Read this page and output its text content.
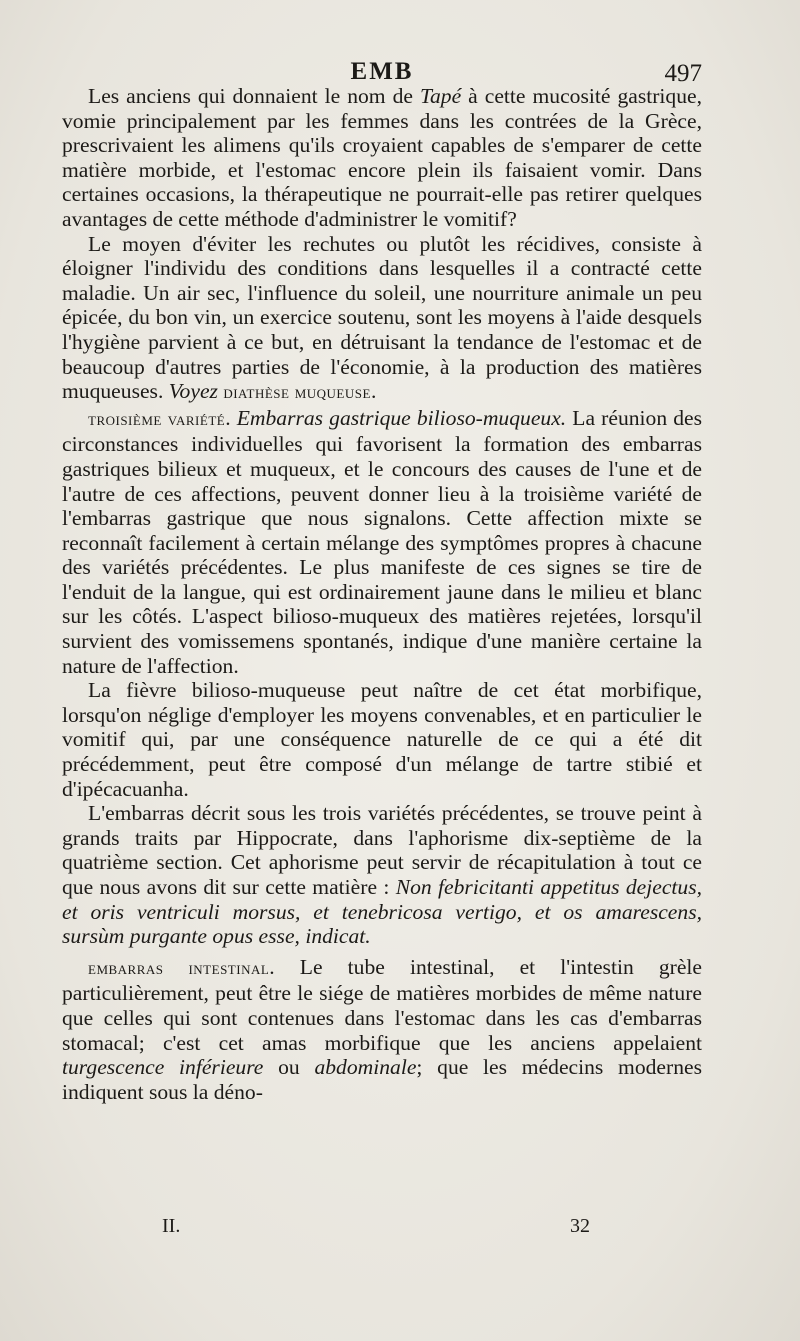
EMB	497

Les anciens qui donnaient le nom de Tapé à cette mucosité gastrique, vomie principalement par les femmes dans les contrées de la Grèce, prescrivaient les alimens qu'ils croyaient capables de s'emparer de cette matière morbide, et l'estomac encore plein ils faisaient vomir. Dans certaines occasions, la thérapeutique ne pourrait-elle pas retirer quelques avantages de cette méthode d'administrer le vomitif?

Le moyen d'éviter les rechutes ou plutôt les récidives, consiste à éloigner l'individu des conditions dans lesquelles il a contracté cette maladie. Un air sec, l'influence du soleil, une nourriture animale un peu épicée, du bon vin, un exercice soutenu, sont les moyens à l'aide desquels l'hygiène parvient à ce but, en détruisant la tendance de l'estomac et de beaucoup d'autres parties de l'économie, à la production des matières muqueuses. Voyez diathèse muqueuse.

troisième variété. Embarras gastrique bilioso-muqueux. La réunion des circonstances individuelles qui favorisent la formation des embarras gastriques bilieux et muqueux, et le concours des causes de l'une et de l'autre de ces affections, peuvent donner lieu à la troisième variété de l'embarras gastrique que nous signalons. Cette affection mixte se reconnaît facilement à certain mélange des symptômes propres à chacune des variétés précédentes. Le plus manifeste de ces signes se tire de l'enduit de la langue, qui est ordinairement jaune dans le milieu et blanc sur les côtés. L'aspect bilioso-muqueux des matières rejetées, lorsqu'il survient des vomissemens spontanés, indique d'une manière certaine la nature de l'affection.

La fièvre bilioso-muqueuse peut naître de cet état morbifique, lorsqu'on néglige d'employer les moyens convenables, et en particulier le vomitif qui, par une conséquence naturelle de ce qui a été dit précédemment, peut être composé d'un mélange de tartre stibié et d'ipécacuanha.

L'embarras décrit sous les trois variétés précédentes, se trouve peint à grands traits par Hippocrate, dans l'aphorisme dix-septième de la quatrième section. Cet aphorisme peut servir de récapitulation à tout ce que nous avons dit sur cette matière : Non febricitanti appetitus dejectus, et oris ventriculi morsus, et tenebricosa vertigo, et os amarescens, sursùm purgante opus esse, indicat.

embarras intestinal. Le tube intestinal, et l'intestin grèle particulièrement, peut être le siége de matières morbides de même nature que celles qui sont contenues dans l'estomac dans les cas d'embarras stomacal; c'est cet amas morbifique que les anciens appelaient turgescence inférieure ou abdominale; que les médecins modernes indiquent sous la déno-

II.	32
